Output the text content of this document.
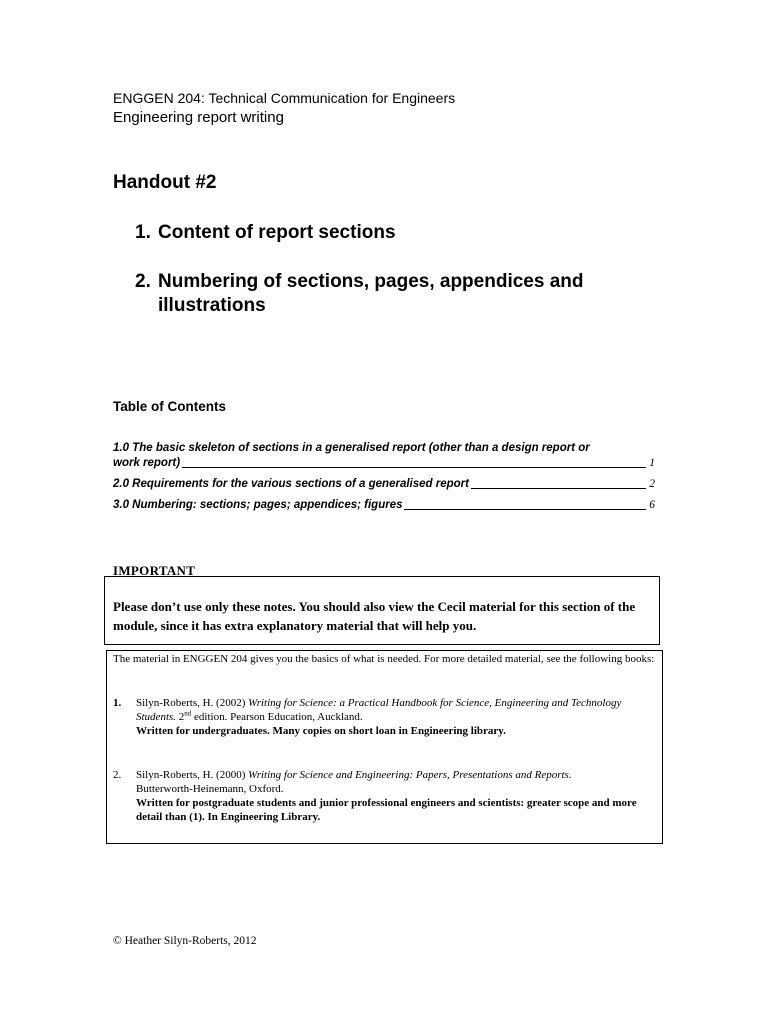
ENGGEN 204: Technical Communication for Engineers
Engineering report writing
Handout #2
1. Content of report sections
2. Numbering of sections, pages, appendices and illustrations
Table of Contents
1.0 The basic skeleton of sections in a generalised report (other than a design report or
work report)	1
2.0 Requirements for the various sections of a generalised report	2
3.0 Numbering: sections; pages; appendices; figures	6
IMPORTANT
Please don’t use only these notes. You should also view the Cecil material for this section of the module, since it has extra explanatory material that will help you.
The material in ENGGEN 204 gives you the basics of what is needed. For more detailed material, see the following books:
1. Silyn-Roberts, H. (2002) Writing for Science: a Practical Handbook for Science, Engineering and Technology Students. 2nd edition. Pearson Education, Auckland.
Written for undergraduates. Many copies on short loan in Engineering library.
2. Silyn-Roberts, H. (2000) Writing for Science and Engineering: Papers, Presentations and Reports.
Butterworth-Heinemann, Oxford.
Written for postgraduate students and junior professional engineers and scientists: greater scope and more detail than (1). In Engineering Library.
© Heather Silyn-Roberts, 2012
